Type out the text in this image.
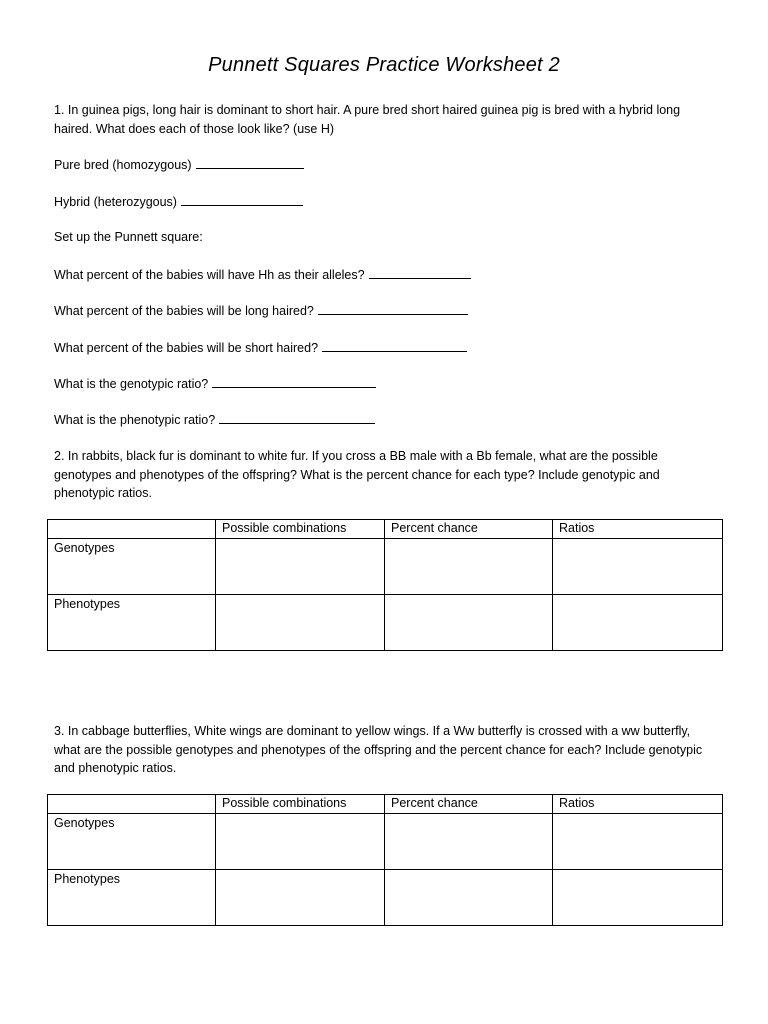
Punnett Squares Practice Worksheet 2
1. In guinea pigs, long hair is dominant to short hair. A pure bred short haired guinea pig is bred with a hybrid long haired. What does each of those look like? (use H)
Pure bred (homozygous)
Hybrid (heterozygous)
Set up the Punnett square:
What percent of the babies will have Hh as their alleles?
What percent of the babies will be long haired?
What percent of the babies will be short haired?
What is the genotypic ratio?
What is the phenotypic ratio?
2. In rabbits, black fur is dominant to white fur. If you cross a BB male with a Bb female, what are the possible genotypes and phenotypes of the offspring? What is the percent chance for each type? Include genotypic and phenotypic ratios.
	Possible combinations	Percent chance	Ratios
Genotypes			
Phenotypes			
3. In cabbage butterflies, White wings are dominant to yellow wings. If a Ww butterfly is crossed with a ww butterfly, what are the possible genotypes and phenotypes of the offspring and the percent chance for each? Include genotypic and phenotypic ratios.
	Possible combinations	Percent chance	Ratios
Genotypes			
Phenotypes			
